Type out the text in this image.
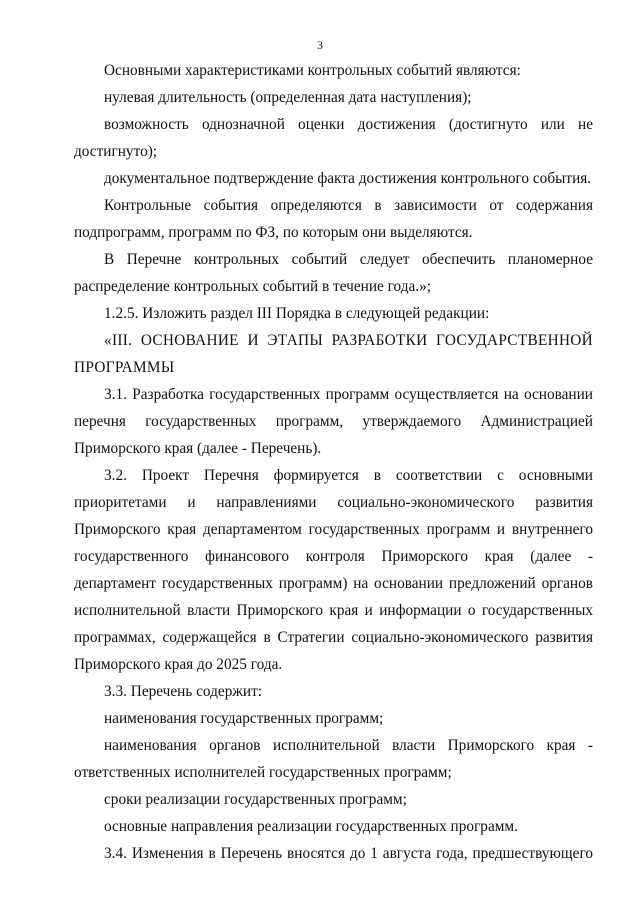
3

Основными характеристиками контрольных событий являются:

нулевая длительность (определенная дата наступления);

возможность однозначной оценки достижения (достигнуто или не
достигнуто);

документальное подтверждение факта достижения контрольного события.

Контрольные события определяются в зависимости от содержания
подпрограмм, программ по ФЗ, по которым они выделяются.

В Перечне контрольных событий следует обеспечить планомерное
распределение контрольных событий в течение года.»;

1.2.5. Изложить раздел III Порядка в следующей редакции:

«III. ОСНОВАНИЕ И ЭТАПЫ РАЗРАБОТКИ ГОСУДАРСТВЕННОЙ
ПРОГРАММЫ

3.1. Разработка государственных программ осуществляется на основании
перечня государственных программ, утверждаемого Администрацией
Приморского края (далее - Перечень).

3.2. Проект Перечня формируется в соответствии с основными
приоритетами и направлениями социально-экономического развития
Приморского края департаментом государственных программ и внутреннего
государственного финансового контроля Приморского края (далее -
департамент государственных программ) на основании предложений органов
исполнительной власти Приморского края и информации о государственных
программах, содержащейся в Стратегии социально-экономического развития
Приморского края до 2025 года.

3.3. Перечень содержит:

наименования государственных программ;

наименования органов исполнительной власти Приморского края -
ответственных исполнителей государственных программ;

сроки реализации государственных программ;

основные направления реализации государственных программ.

3.4. Изменения в Перечень вносятся до 1 августа года, предшествующего
